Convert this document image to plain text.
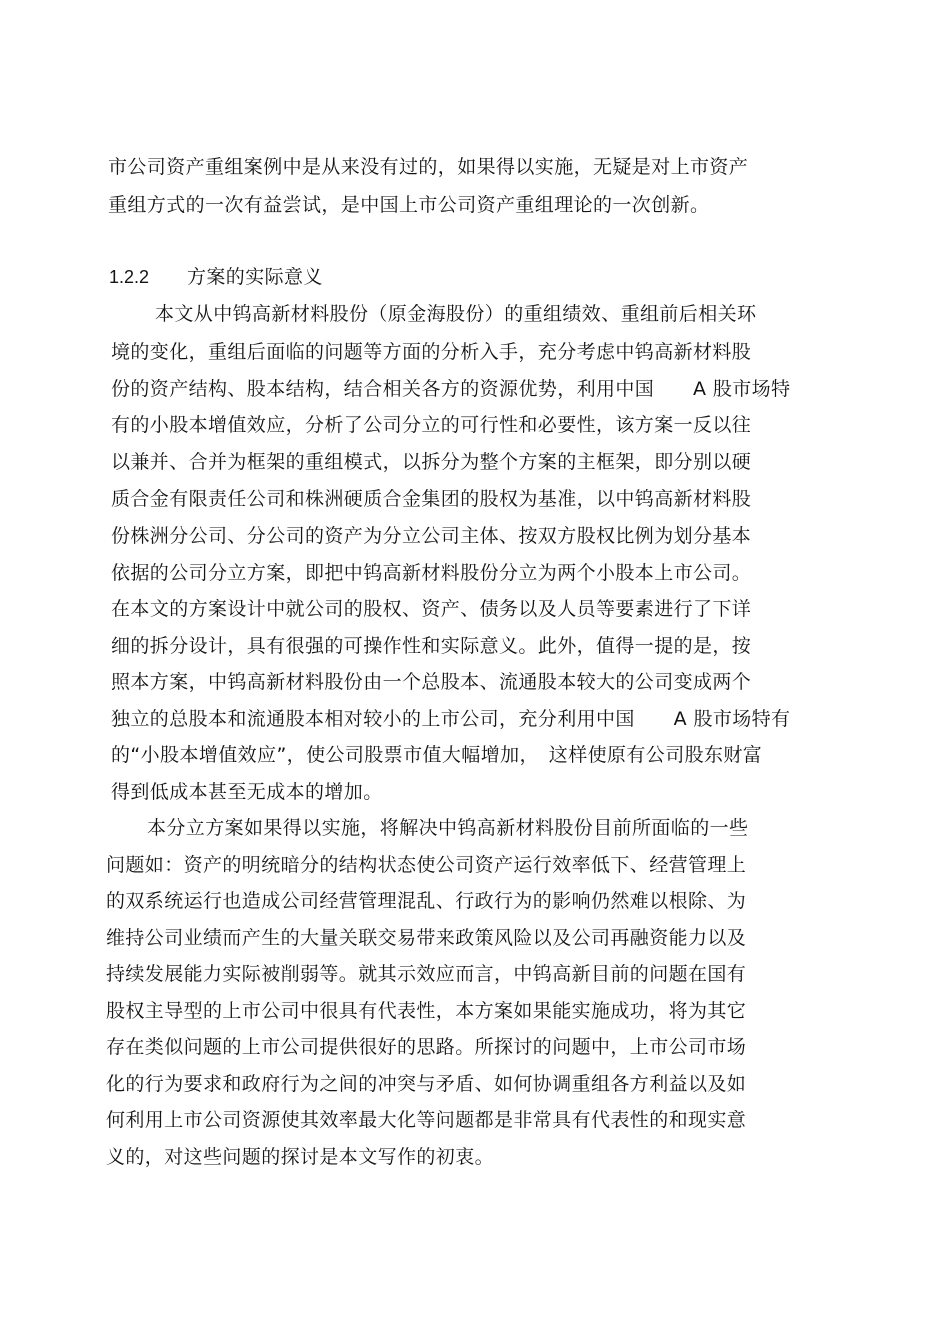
市公司资产重组案例中是从来没有过的，如果得以实施，无疑是对上市资产
重组方式的一次有益尝试，是中国上市公司资产重组理论的一次创新。
1.2.2 方案的实际意义
本文从中钨高新材料股份（原金海股份）的重组绩效、重组前后相关环
境的变化，重组后面临的问题等方面的分析入手，充分考虑中钨高新材料股
份的资产结构、股本结构，结合相关各方的资源优势，利用中国　　A 股市场特
有的小股本增值效应，分析了公司分立的可行性和必要性，该方案一反以往
以兼并、合并为框架的重组模式，以拆分为整个方案的主框架，即分别以硬
质合金有限责任公司和株洲硬质合金集团的股权为基准，以中钨高新材料股
份株洲分公司、分公司的资产为分立公司主体、按双方股权比例为划分基本
依据的公司分立方案，即把中钨高新材料股份分立为两个小股本上市公司。
在本文的方案设计中就公司的股权、资产、债务以及人员等要素进行了下详
细的拆分设计，具有很强的可操作性和实际意义。此外，值得一提的是，按
照本方案，中钨高新材料股份由一个总股本、流通股本较大的公司变成两个
独立的总股本和流通股本相对较小的上市公司，充分利用中国　　A 股市场特有
的“小股本增值效应”，使公司股票市值大幅增加，　这样使原有公司股东财富
得到低成本甚至无成本的增加。
本分立方案如果得以实施，将解决中钨高新材料股份目前所面临的一些
问题如：资产的明统暗分的结构状态使公司资产运行效率低下、经营管理上
的双系统运行也造成公司经营管理混乱、行政行为的影响仍然难以根除、为
维持公司业绩而产生的大量关联交易带来政策风险以及公司再融资能力以及
持续发展能力实际被削弱等。就其示效应而言，中钨高新目前的问题在国有
股权主导型的上市公司中很具有代表性，本方案如果能实施成功，将为其它
存在类似问题的上市公司提供很好的思路。所探讨的问题中，上市公司市场
化的行为要求和政府行为之间的冲突与矛盾、如何协调重组各方利益以及如
何利用上市公司资源使其效率最大化等问题都是非常具有代表性的和现实意
义的，对这些问题的探讨是本文写作的初衷。
